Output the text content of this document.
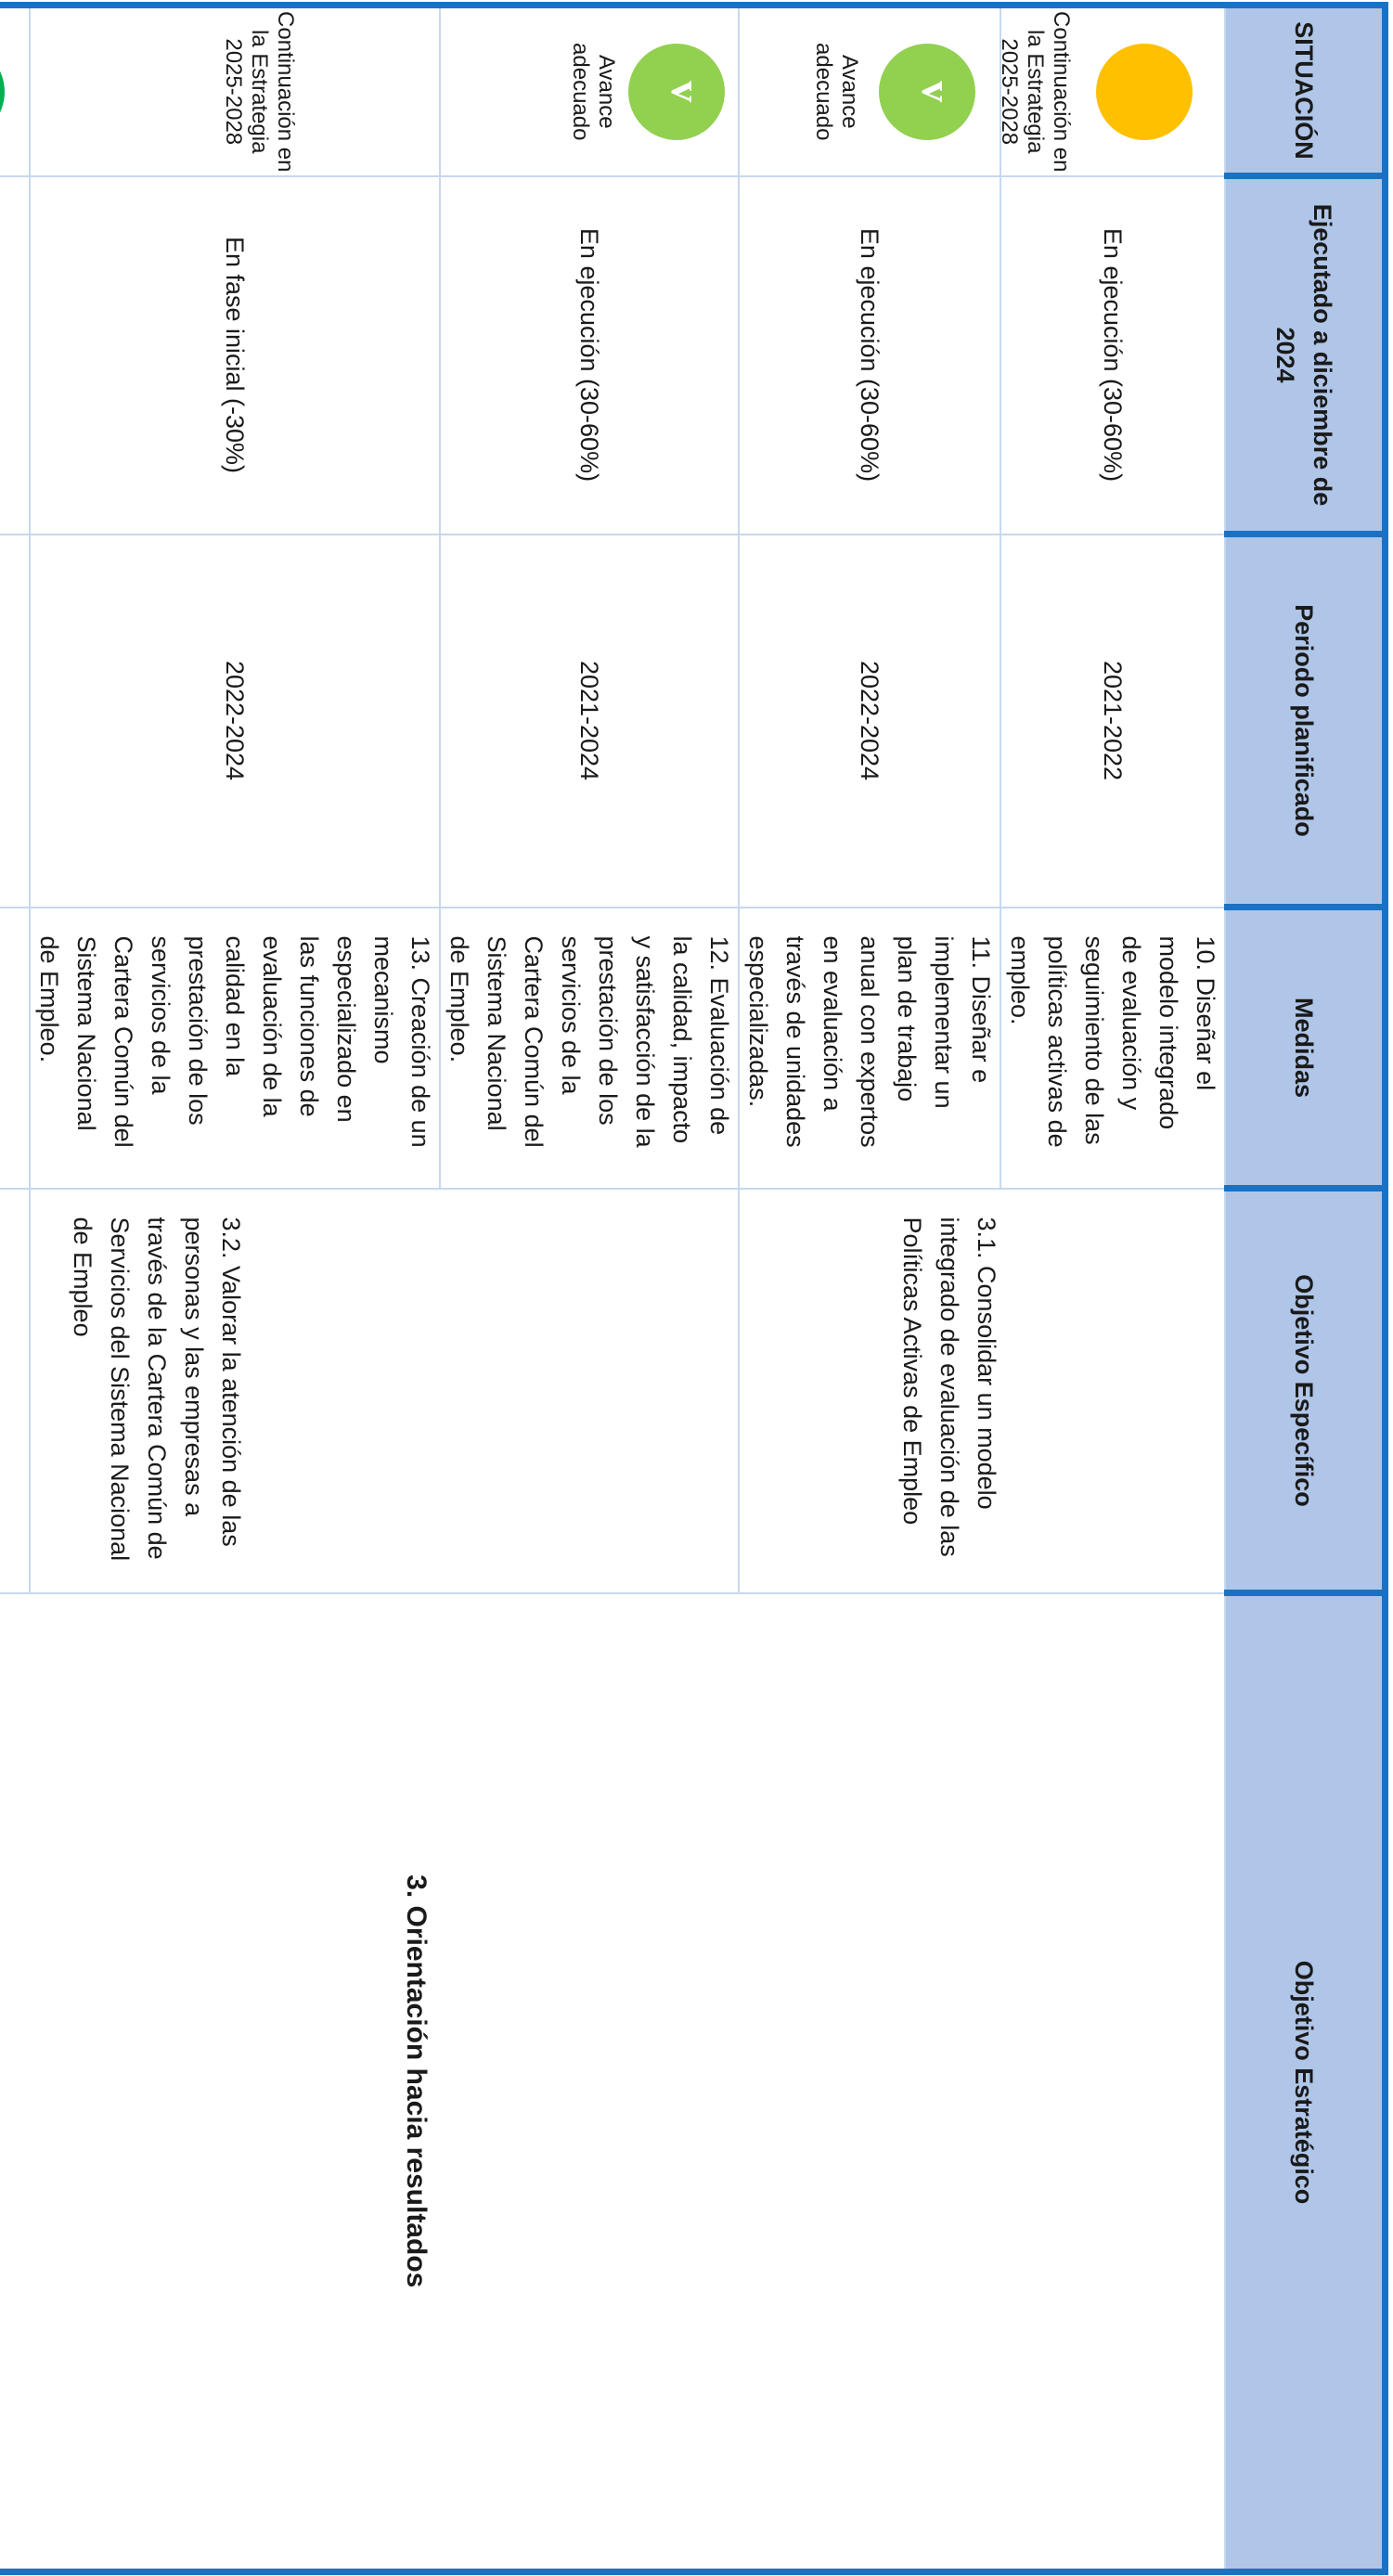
SITUACIÓN	Ejecutado a diciembre de 2024	Periodo planificado	Medidas	Objetivo Específico	Objetivo Estratégico

Continuación en la Estrategia 2025-2028	En ejecución (30-60%)	2021-2022	10. Diseñar el modelo integrado de evaluación y seguimiento de las políticas activas de empleo.	3.1. Consolidar un modelo integrado de evaluación de las Políticas Activas de Empleo	3. Orientación hacia resultados

v
Avance adecuado	En ejecución (30-60%)	2022-2024	11. Diseñar e implementar un plan de trabajo anual con expertos en evaluación a través de unidades especializadas.		

v
Avance adecuado	En ejecución (30-60%)	2021-2024	12. Evaluación de la calidad, impacto y satisfacción de la prestación de los servicios de la Cartera Común del Sistema Nacional de Empleo.	3.2. Valorar la atención de las personas y las empresas a través de la Cartera Común de Servicios del Sistema Nacional de Empleo	

Continuación en la Estrategia 2025-2028	En fase inicial (-30%)	2022-2024	13. Creación de un mecanismo especializado en las funciones de evaluación de la calidad en la prestación de los servicios de la Cartera Común del Sistema Nacional de Empleo.		

v
